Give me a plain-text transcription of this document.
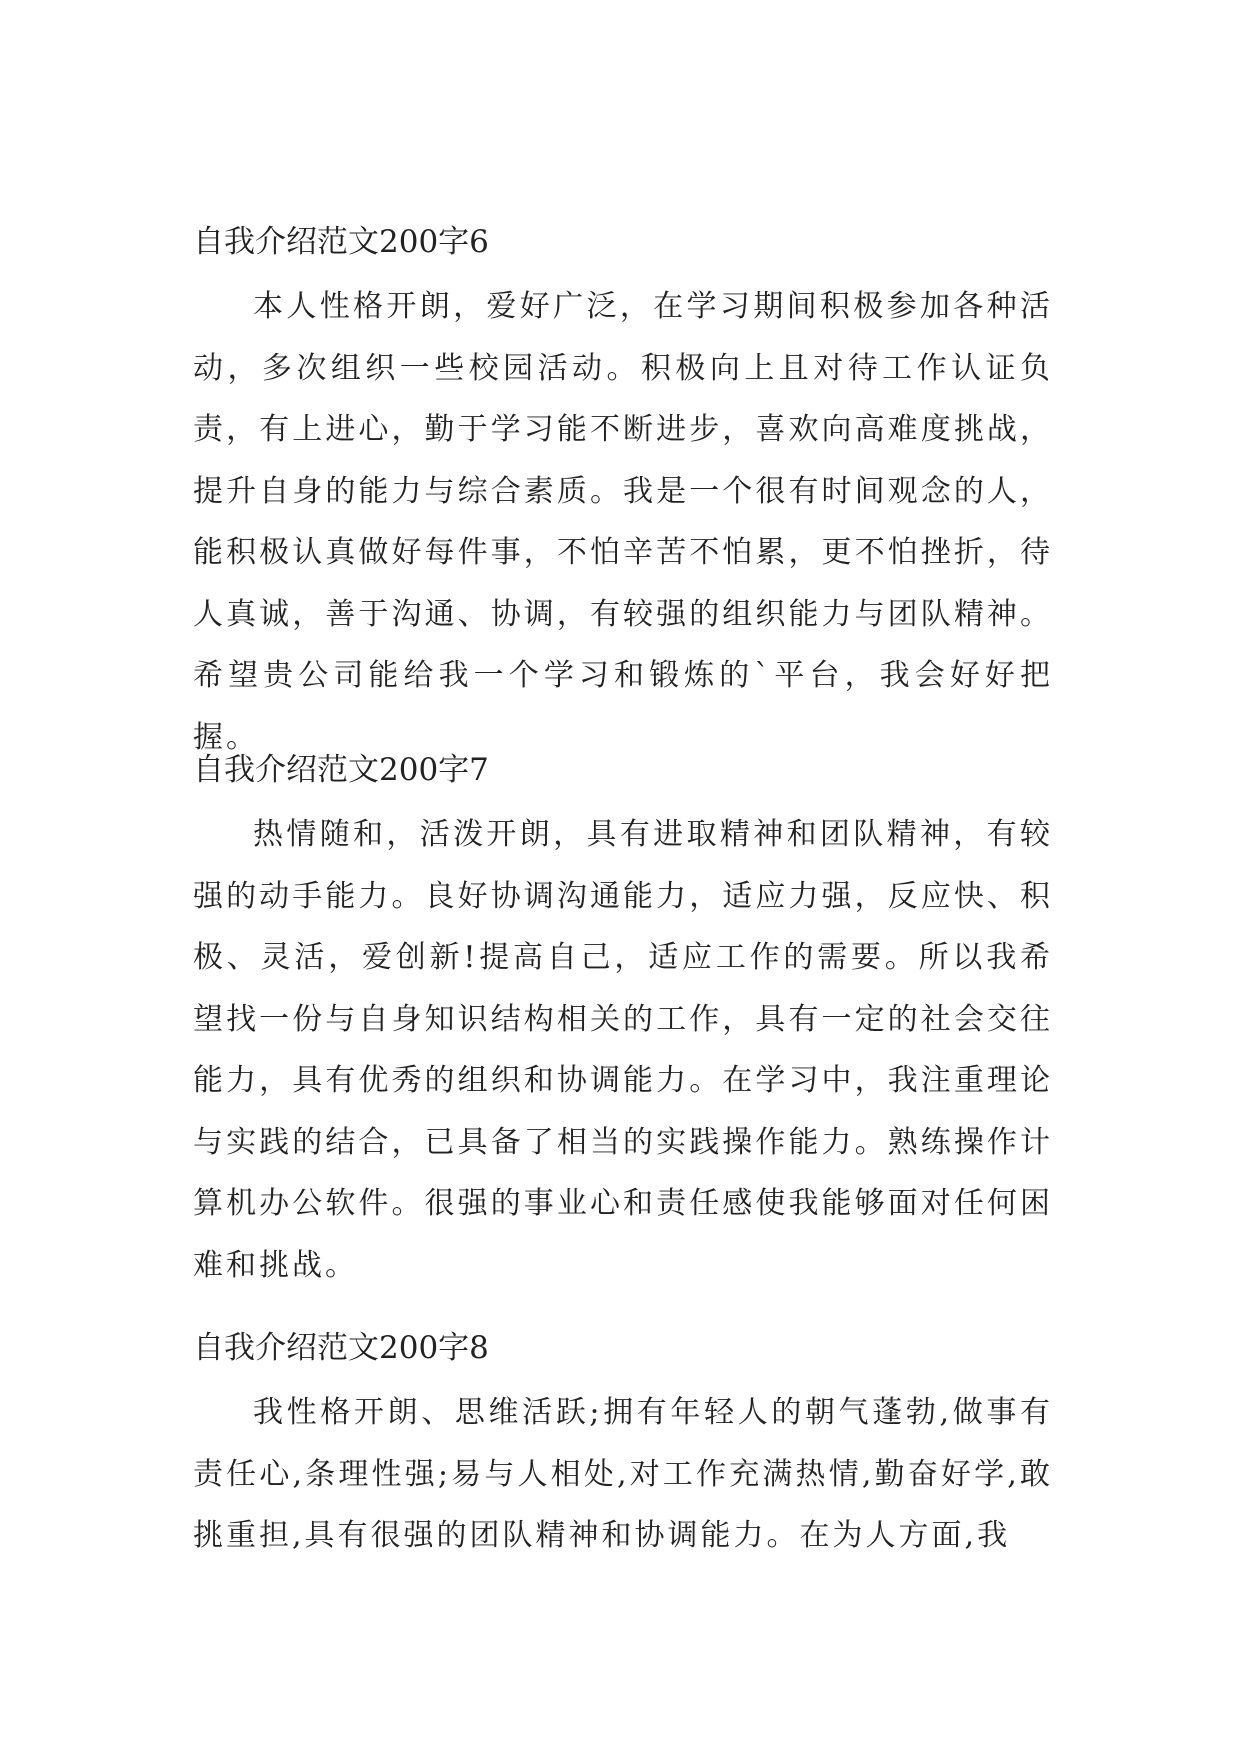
自我介绍范文200字6

本人性格开朗，爱好广泛，在学习期间积极参加各种活动，多次组织一些校园活动。积极向上且对待工作认证负责，有上进心，勤于学习能不断进步，喜欢向高难度挑战，提升自身的能力与综合素质。我是一个很有时间观念的人，能积极认真做好每件事，不怕辛苦不怕累，更不怕挫折，待人真诚，善于沟通、协调，有较强的组织能力与团队精神。希望贵公司能给我一个学习和锻炼的`平台，我会好好把握。

自我介绍范文200字7

热情随和，活泼开朗，具有进取精神和团队精神，有较强的动手能力。良好协调沟通能力，适应力强，反应快、积极、灵活，爱创新!提高自己，适应工作的需要。所以我希望找一份与自身知识结构相关的工作，具有一定的社会交往能力，具有优秀的组织和协调能力。在学习中，我注重理论与实践的结合，已具备了相当的实践操作能力。熟练操作计算机办公软件。很强的事业心和责任感使我能够面对任何困难和挑战。

自我介绍范文200字8

我性格开朗、思维活跃;拥有年轻人的朝气蓬勃,做事有责任心,条理性强;易与人相处,对工作充满热情,勤奋好学,敢挑重担,具有很强的团队精神和协调能力。在为人方面,我
